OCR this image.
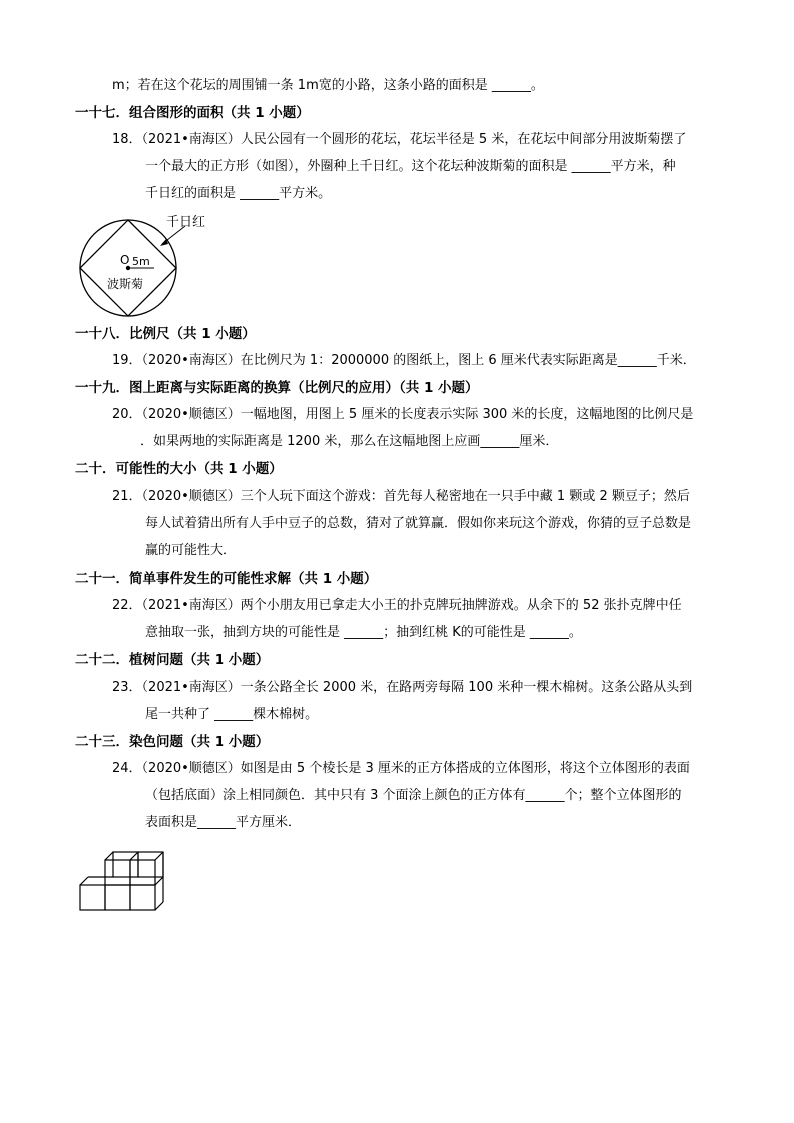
m；若在这个花坛的周围铺一条 1m宽的小路，这条小路的面积是 ______。
一十七．组合图形的面积（共 1 小题）
18．（2021•南海区）人民公园有一个圆形的花坛，花坛半径是 5 米，在花坛中间部分用波斯菊摆了
一个最大的正方形（如图），外圈种上千日红。这个花坛种波斯菊的面积是 ______平方米，种
千日红的面积是 ______平方米。
千日红
O 5m
波斯菊
一十八．比例尺（共 1 小题）
19．（2020•南海区）在比例尺为 1：2000000 的图纸上，图上 6 厘米代表实际距离是______千米．
一十九．图上距离与实际距离的换算（比例尺的应用）（共 1 小题）
20．（2020•顺德区）一幅地图，用图上 5 厘米的长度表示实际 300 米的长度，这幅地图的比例尺是
．如果两地的实际距离是 1200 米，那么在这幅地图上应画______厘米．
二十．可能性的大小（共 1 小题）
21．（2020•顺德区）三个人玩下面这个游戏：首先每人秘密地在一只手中藏 1 颗或 2 颗豆子；然后
每人试着猜出所有人手中豆子的总数，猜对了就算赢．假如你来玩这个游戏，你猜的豆子总数是
赢的可能性大．
二十一．简单事件发生的可能性求解（共 1 小题）
22．（2021•南海区）两个小朋友用已拿走大小王的扑克牌玩抽牌游戏。从余下的 52 张扑克牌中任
意抽取一张，抽到方块的可能性是 ______；抽到红桃 K的可能性是 ______。
二十二．植树问题（共 1 小题）
23．（2021•南海区）一条公路全长 2000 米，在路两旁每隔 100 米种一棵木棉树。这条公路从头到
尾一共种了 ______棵木棉树。
二十三．染色问题（共 1 小题）
24．（2020•顺德区）如图是由 5 个棱长是 3 厘米的正方体搭成的立体图形，将这个立体图形的表面
（包括底面）涂上相同颜色．其中只有 3 个面涂上颜色的正方体有______个；整个立体图形的
表面积是______平方厘米．
